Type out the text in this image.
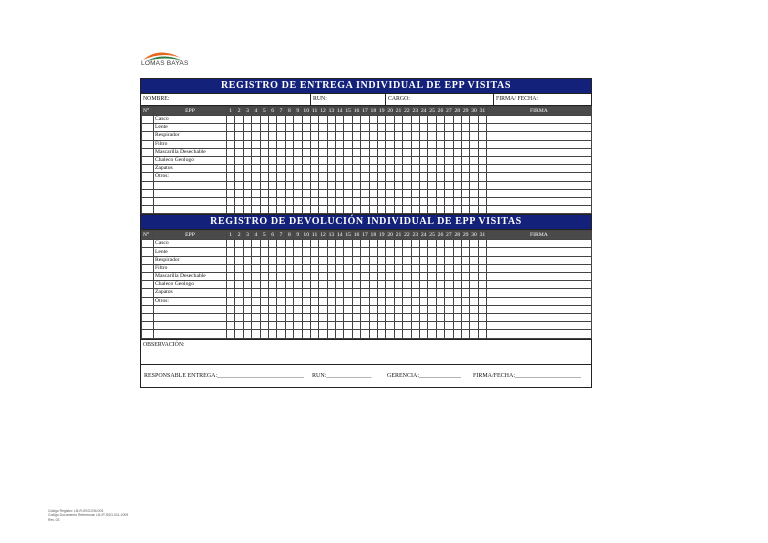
LOMAS BAYAS
REGISTRO DE ENTREGA INDIVIDUAL DE EPP VISITAS
NOMBRE:	RUN:	CARGO:	FIRMA/ FECHA:
N°	EPP	1	2	3	4	5	6	7	8	9	10	11	12	13	14	15	16	17	18	19	20	21	22	23	24	25	26	27	28	29	30	31	FIRMA
	Casco																																
	Lente																																
	Respirador																																
	Filtro																																
	Mascarilla Desechable																																
	Chaleco Geologo																																
	Zapatos																																
	Otros:																																

REGISTRO DE DEVOLUCIÓN INDIVIDUAL DE EPP VISITAS
N°	EPP	1	2	3	4	5	6	7	8	9	10	11	12	13	14	15	16	17	18	19	20	21	22	23	24	25	26	27	28	29	30	31	FIRMA
	Casco																																
	Lente																																
	Respirador																																
	Filtro																																
	Mascarilla Desechable																																
	Chaleco Geologo																																
	Zapatos																																
	Otros:																																

OBSERVACIÓN:
RESPONSABLE ENTREGA:_____________________________	RUN:_______________	GERENCIA:______________	FIRMA/FECHA:______________________
Código Registro: LB-R-SSO-EM-003
Código Documento Referencia: LB-IP-SSO-011-2009
Rev. 03
